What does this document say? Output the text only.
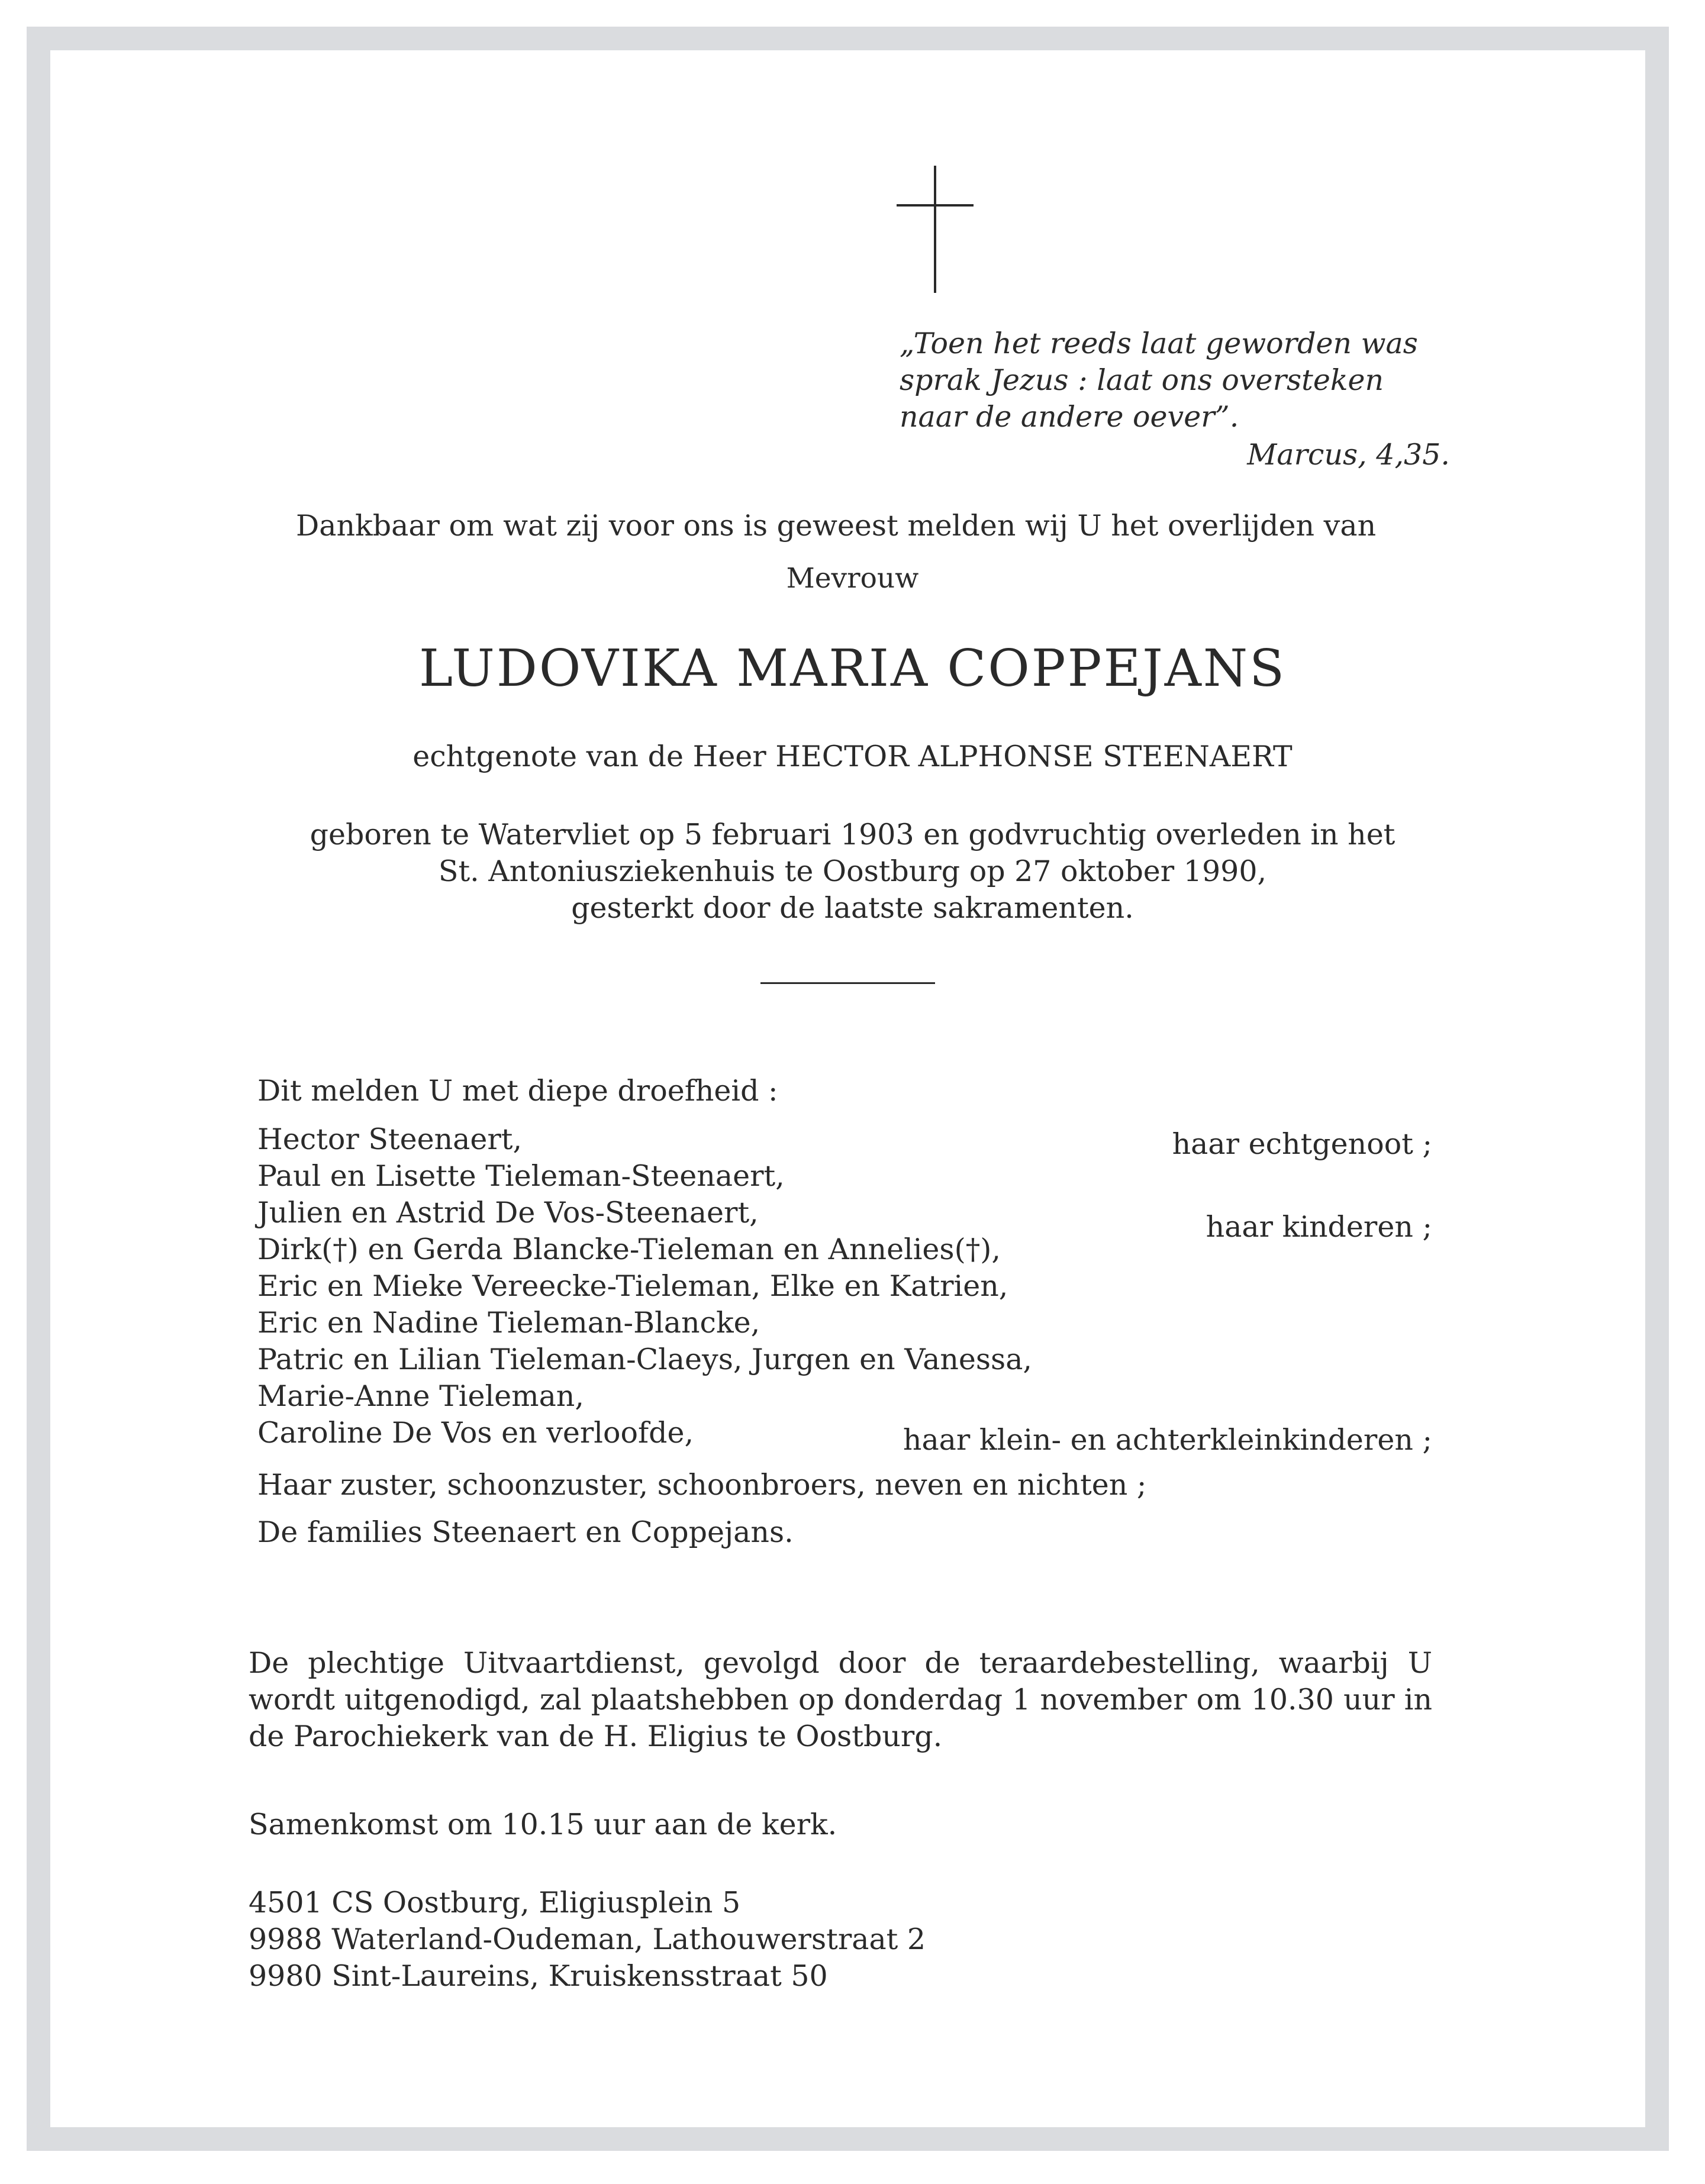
„Toen het reeds laat geworden was
sprak Jezus : laat ons oversteken
naar de andere oever”.

Marcus, 4,35.

Dankbaar om wat zij voor ons is geweest melden wij U het overlijden van

Mevrouw

LUDOVIKA MARIA COPPEJANS

echtgenote van de Heer HECTOR ALPHONSE STEENAERT

geboren te Watervliet op 5 februari 1903 en godvruchtig overleden in het
St. Antoniusziekenhuis te Oostburg op 27 oktober 1990,
gesterkt door de laatste sakramenten.

Dit melden U met diepe droefheid :

Hector Steenaert,
Paul en Lisette Tieleman-Steenaert,
Julien en Astrid De Vos-Steenaert,
Dirk(†) en Gerda Blancke-Tieleman en Annelies(†),
Eric en Mieke Vereecke-Tieleman, Elke en Katrien,
Eric en Nadine Tieleman-Blancke,
Patric en Lilian Tieleman-Claeys, Jurgen en Vanessa,
Marie-Anne Tieleman,
Caroline De Vos en verloofde,

haar echtgenoot ;

haar kinderen ;

haar klein- en achterkleinkinderen ;

Haar zuster, schoonzuster, schoonbroers, neven en nichten ;
De families Steenaert en Coppejans.

De plechtige Uitvaartdienst, gevolgd door de teraardebestelling, waarbij U wordt uitgenodigd, zal plaatshebben op donderdag 1 november om 10.30 uur in de Parochiekerk van de H. Eligius te Oostburg.

Samenkomst om 10.15 uur aan de kerk.

4501 CS Oostburg, Eligiusplein 5
9988 Waterland-Oudeman, Lathouwerstraat 2
9980 Sint-Laureins, Kruiskensstraat 50
